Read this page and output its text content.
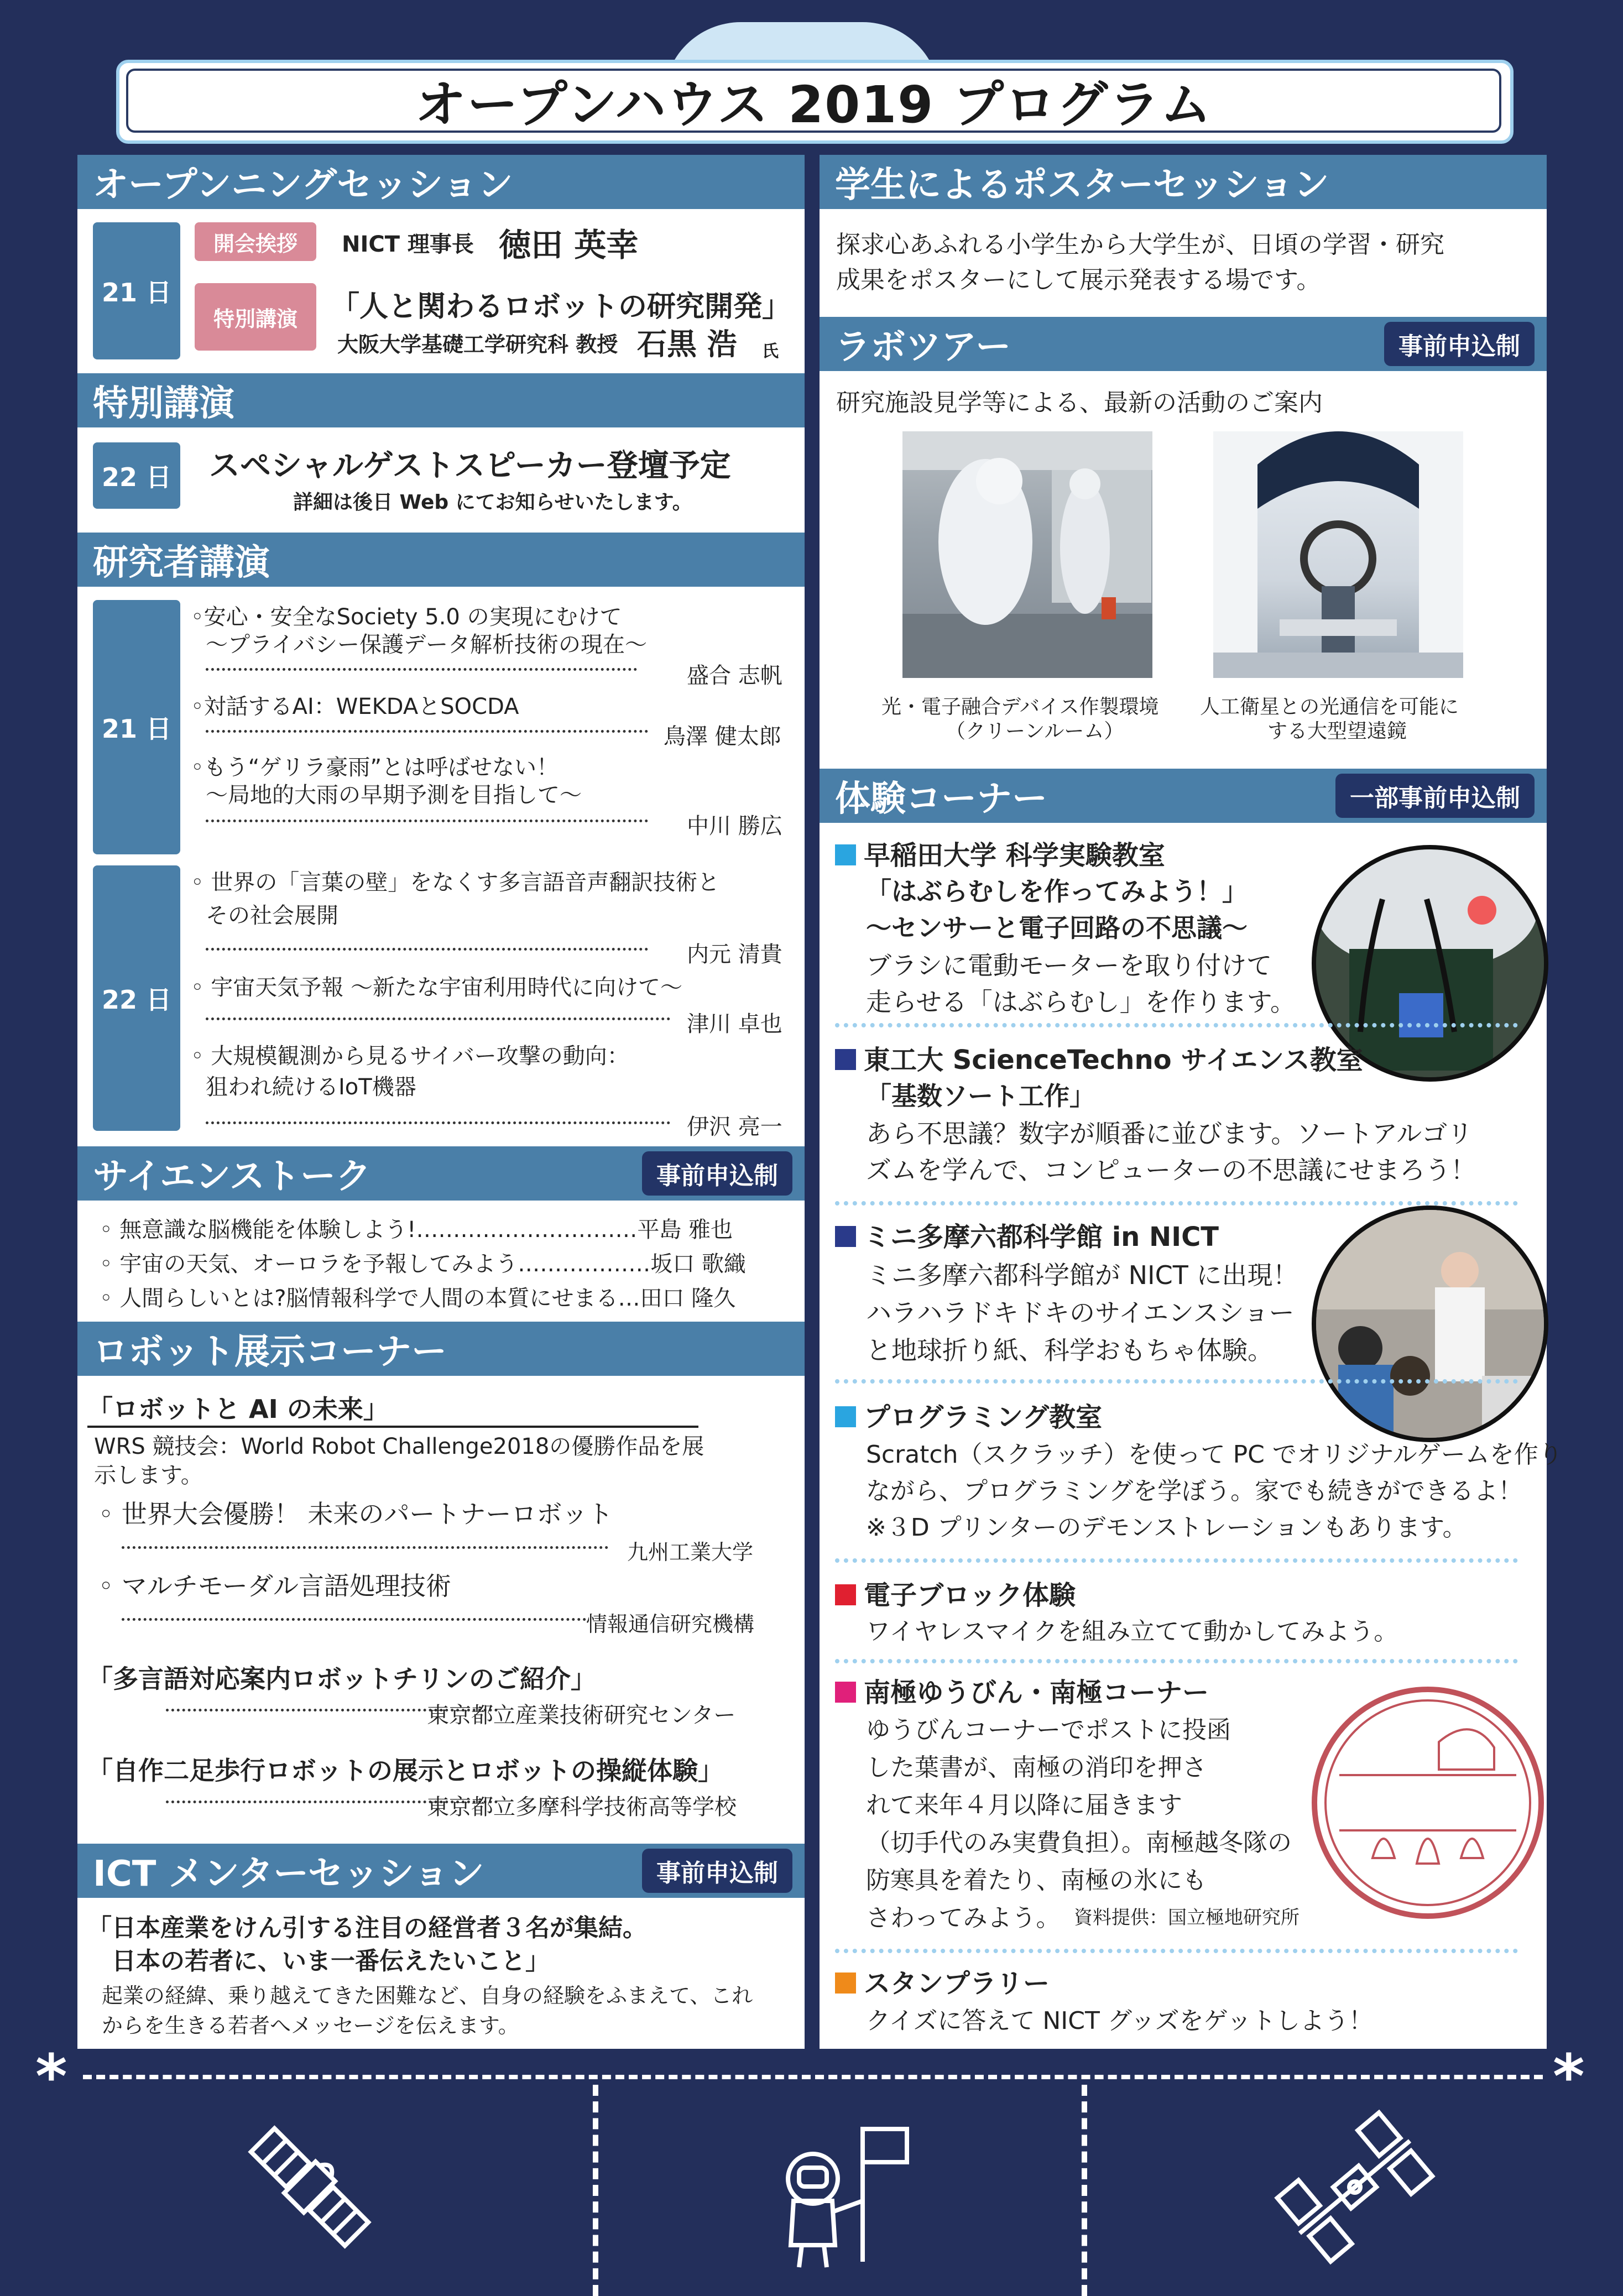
オープンハウス 2019 プログラム
オープンニングセッション
21 日
開会挨拶	NICT 理事長 徳田 英幸
特別講演	「人と関わるロボットの研究開発」
大阪大学基礎工学研究科 教授 石黒 浩 氏
特別講演
22 日 スペシャルゲストスピーカー登壇予定
詳細は後日 Web にてお知らせいたします。
研究者講演
21 日
◦安心・安全なSociety 5.0 の実現にむけて
〜プライバシー保護データ解析技術の現在〜
盛合 志帆
◦対話するAI：WEKDAとSOCDA
鳥澤 健太郎
◦もう“ゲリラ豪雨”とは呼ばせない！
〜局地的大雨の早期予測を目指して〜
中川 勝広
22 日
◦ 世界の「言葉の壁」をなくす多言語音声翻訳技術と
その社会展開
内元 清貴
◦ 宇宙天気予報 〜新たな宇宙利用時代に向けて〜
津川 卓也
◦ 大規模観測から見るサイバー攻撃の動向：
狙われ続けるIoT機器
伊沢 亮一
サイエンストーク	事前申込制
◦ 無意識な脳機能を体験しよう!…………………………平島 雅也
◦ 宇宙の天気、オーロラを予報してみよう………………坂口 歌織
◦ 人間らしいとは?脳情報科学で人間の本質にせまる…田口 隆久
ロボット展示コーナー
「ロボットと AI の未来」
WRS 競技会：World Robot Challenge2018の優勝作品を展
示します。
◦ 世界大会優勝！ 未来のパートナーロボット
九州工業大学
◦ マルチモーダル言語処理技術
情報通信研究機構
「多言語対応案内ロボットチリンのご紹介」
東京都立産業技術研究センター
「自作二足歩行ロボットの展示とロボットの操縦体験」
東京都立多摩科学技術高等学校
ICT メンターセッション	事前申込制
「日本産業をけん引する注目の経営者３名が集結。
日本の若者に、いま一番伝えたいこと」
起業の経緯、乗り越えてきた困難など、自身の経験をふまえて、これ
からを生きる若者へメッセージを伝えます。
学生によるポスターセッション
探求心あふれる小学生から大学生が、日頃の学習・研究
成果をポスターにして展示発表する場です。
ラボツアー	事前申込制
研究施設見学等による、最新の活動のご案内
光・電子融合デバイス作製環境
（クリーンルーム）
人工衛星との光通信を可能に
する大型望遠鏡
体験コーナー	一部事前申込制
早稲田大学 科学実験教室
「はぶらむしを作ってみよう！」
〜センサーと電子回路の不思議〜
ブラシに電動モーターを取り付けて
走らせる「はぶらむし」を作ります。
東工大 ScienceTechno サイエンス教室
「基数ソート工作」
あら不思議？数字が順番に並びます。ソートアルゴリ
ズムを学んで、コンピューターの不思議にせまろう！
ミニ多摩六都科学館 in NICT
ミニ多摩六都科学館が NICT に出現！
ハラハラドキドキのサイエンスショー
と地球折り紙、科学おもちゃ体験。
プログラミング教室
Scratch（スクラッチ）を使って PC でオリジナルゲームを作り
ながら、プログラミングを学ぼう。家でも続きができるよ！
※３D プリンターのデモンストレーションもあります。
電子ブロック体験
ワイヤレスマイクを組み立てて動かしてみよう。
南極ゆうびん・南極コーナー
ゆうびんコーナーでポストに投函
した葉書が、南極の消印を押さ
れて来年４月以降に届きます
（切手代のみ実費負担）。南極越冬隊の
防寒具を着たり、南極の氷にも
さわってみよう。 資料提供：国立極地研究所
スタンプラリー
クイズに答えて NICT グッズをゲットしよう！
*	*
